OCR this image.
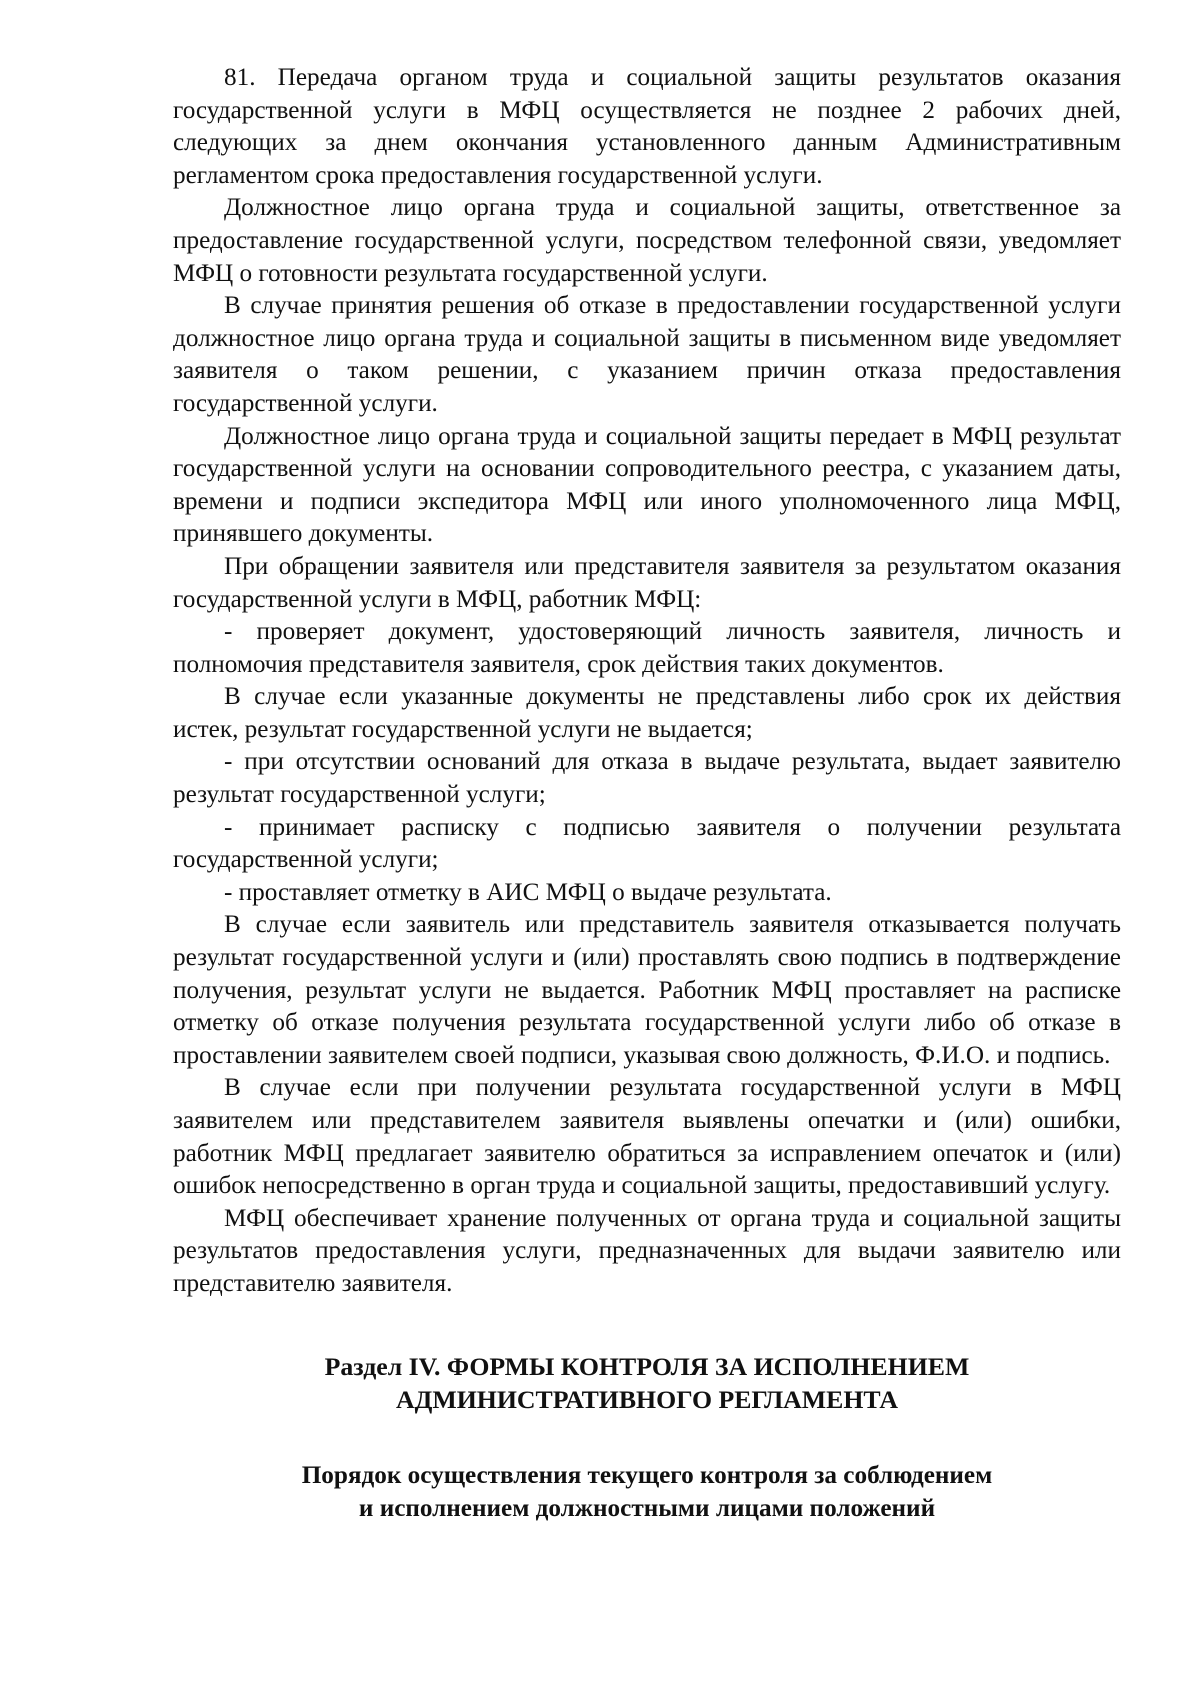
81. Передача органом труда и социальной защиты результатов оказания государственной услуги в МФЦ осуществляется не позднее 2 рабочих дней, следующих за днем окончания установленного данным Административным регламентом срока предоставления государственной услуги.

Должностное лицо органа труда и социальной защиты, ответственное за предоставление государственной услуги, посредством телефонной связи, уведомляет МФЦ о готовности результата государственной услуги.

В случае принятия решения об отказе в предоставлении государственной услуги должностное лицо органа труда и социальной защиты в письменном виде уведомляет заявителя о таком решении, с указанием причин отказа предоставления государственной услуги.

Должностное лицо органа труда и социальной защиты передает в МФЦ результат государственной услуги на основании сопроводительного реестра, с указанием даты, времени и подписи экспедитора МФЦ или иного уполномоченного лица МФЦ, принявшего документы.

При обращении заявителя или представителя заявителя за результатом оказания государственной услуги в МФЦ, работник МФЦ:

- проверяет документ, удостоверяющий личность заявителя, личность и полномочия представителя заявителя, срок действия таких документов.

В случае если указанные документы не представлены либо срок их действия истек, результат государственной услуги не выдается;

- при отсутствии оснований для отказа в выдаче результата, выдает заявителю результат государственной услуги;

- принимает расписку с подписью заявителя о получении результата государственной услуги;

- проставляет отметку в АИС МФЦ о выдаче результата.

В случае если заявитель или представитель заявителя отказывается получать результат государственной услуги и (или) проставлять свою подпись в подтверждение получения, результат услуги не выдается. Работник МФЦ проставляет на расписке отметку об отказе получения результата государственной услуги либо об отказе в проставлении заявителем своей подписи, указывая свою должность, Ф.И.О. и подпись.

В случае если при получении результата государственной услуги в МФЦ заявителем или представителем заявителя выявлены опечатки и (или) ошибки, работник МФЦ предлагает заявителю обратиться за исправлением опечаток и (или) ошибок непосредственно в орган труда и социальной защиты, предоставивший услугу.

МФЦ обеспечивает хранение полученных от органа труда и социальной защиты результатов предоставления услуги, предназначенных для выдачи заявителю или представителю заявителя.

Раздел IV. ФОРМЫ КОНТРОЛЯ ЗА ИСПОЛНЕНИЕМ
АДМИНИСТРАТИВНОГО РЕГЛАМЕНТА
Порядок осуществления текущего контроля за соблюдением
и исполнением должностными лицами положений
